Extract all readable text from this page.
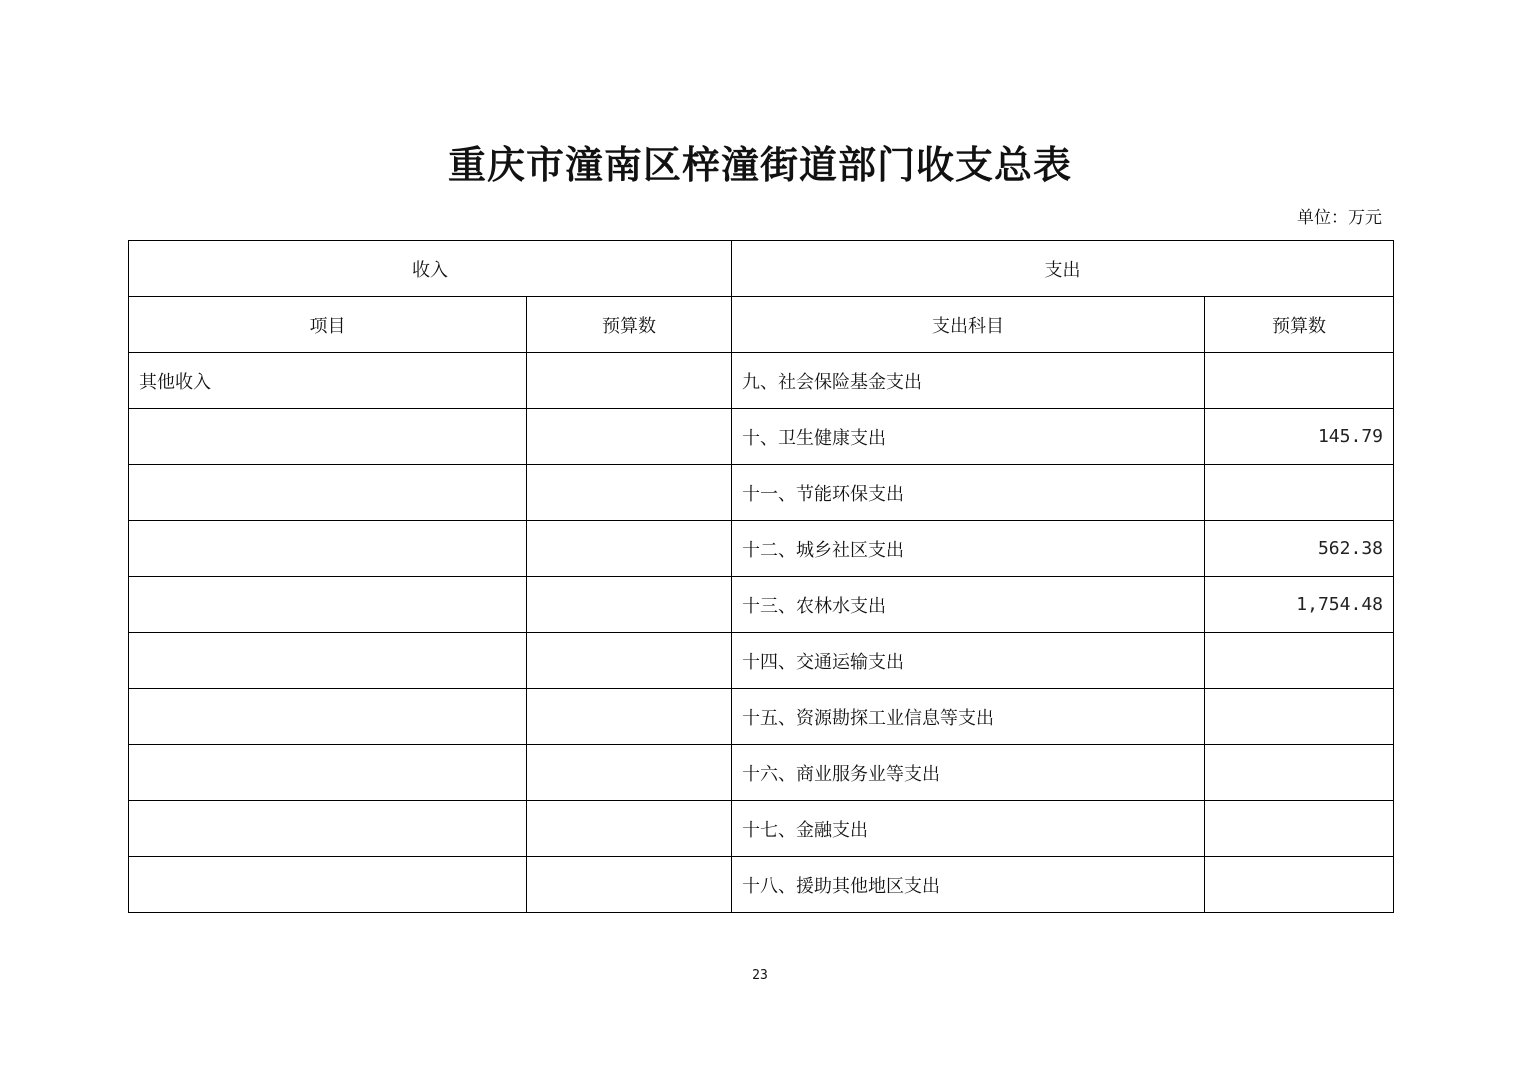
重庆市潼南区梓潼街道部门收支总表
单位：万元
收入		支出	
项目	预算数	支出科目	预算数
其他收入		九、社会保险基金支出	
		十、卫生健康支出	145.79
		十一、节能环保支出	
		十二、城乡社区支出	562.38
		十三、农林水支出	1,754.48
		十四、交通运输支出	
		十五、资源勘探工业信息等支出	
		十六、商业服务业等支出	
		十七、金融支出	
		十八、援助其他地区支出	
23
